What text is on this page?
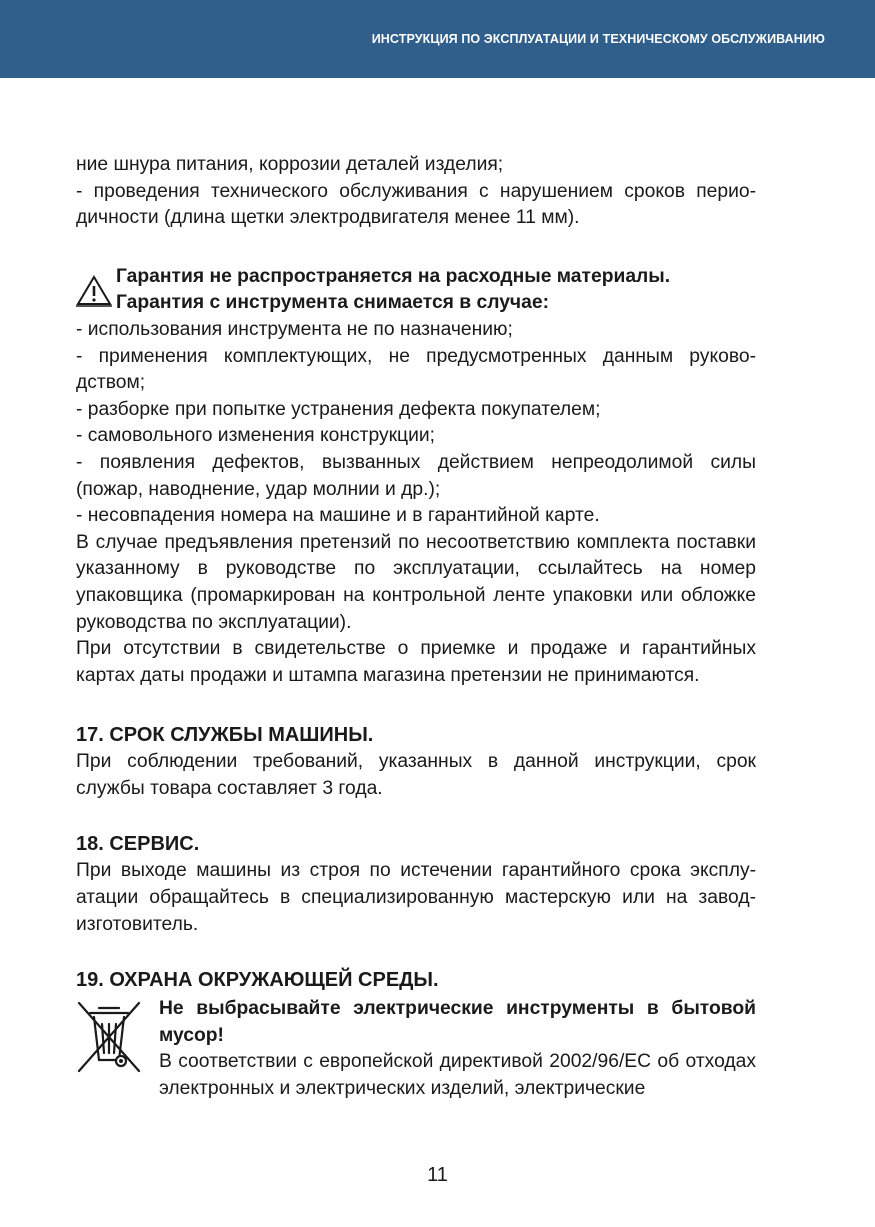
ИНСТРУКЦИЯ ПО ЭКСПЛУАТАЦИИ И ТЕХНИЧЕСКОМУ ОБСЛУЖИВАНИЮ

ние шнура питания, коррозии деталей изделия;

- проведения технического обслуживания с нарушением сроков перио-

дичности (длина щетки электродвигателя менее 11 мм).

Гарантия не распространяется на расходные материалы.

Гарантия с инструмента снимается в случае:

- использования инструмента не по назначению;

- применения комплектующих, не предусмотренных данным руково-дством;

- разборке при попытке устранения дефекта покупателем;

- самовольного изменения конструкции;

- появления дефектов, вызванных действием непреодолимой силы (пожар, наводнение, удар молнии и др.);

- несовпадения номера на машине и в гарантийной карте.

В случае предъявления претензий по несоответствию комплекта поставки указанному в руководстве по эксплуатации, ссылайтесь на номер упаковщика (промаркирован на контрольной ленте упаковки или обложке руководства по эксплуатации).

При отсутствии в свидетельстве о приемке и продаже и гарантийных картах даты продажи и штампа магазина претензии не принимаются.

17. СРОК СЛУЖБЫ МАШИНЫ.

При соблюдении требований, указанных в данной инструкции, срок службы товара составляет 3 года.

18. СЕРВИС.

При выходе машины из строя по истечении гарантийного срока эксплу-атации обращайтесь в специализированную мастерскую или на завод-изготовитель.

19. ОХРАНА ОКРУЖАЮЩЕЙ СРЕДЫ.

Не выбрасывайте электрические инструменты в бытовой мусор!

В соответствии с европейской директивой 2002/96/EC об отходах электронных и электрических изделий, электрические

11
